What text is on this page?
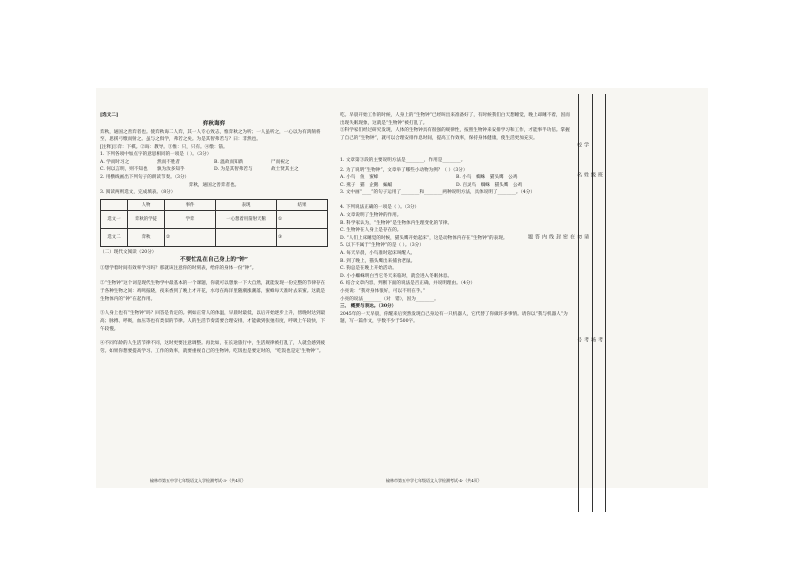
[选文二]
弈秋诲弈
弈秋，通国之善弈者也。使弈秋诲二人弈，其一人专心致志，惟弈秋之为听；一人虽听之，一心以为有鸿鹄将至，思援弓缴而射之。虽与之俱学，弗若之矣。为是其智弗若与？曰：非然也。
[注释]①弈：下棋。②诲：教导。③惟：只，只有。④缴：箭。
1. 下列各项中加点字的意思相同的一项是（ ）。（3分）
A. 学而时习之	然而不胜者	B. 温故而知新	尸而祝之
C. 何以言明，则不知也	孰为汝多知乎	D. 为是其智弗若与	故士贤其主之
2. 用横线画出下列句子的朗读节奏。（3分）
弈秋，通国之善弈者也。
3. 阅读两则选文，完成填表。（8分）
	人物	事件	表现	结果
选文一	弈秋的学徒	学弈	一心想着用箭射天鹅	①
选文二	弈秋	②		③
（二）现代文阅读（20分）
不要忙乱在自己身上的“钟”
①想学着时间有效率学习吗？那就该注意你的时刻表，给你的身体一份“钟”。
②“生物钟”这个词是现代生物学中最基本的一个课题，你就可以想象一下大自然，就能发现一份完整的节律存在于各种生物之间：鸡鸣报晓，夜来香到了晚上才开花，水母在海洋里随潮涨潮落，蜜蜂每天准时去采蜜。这就是生物体内的“钟”在起作用。
③人身上也有“生物钟”吗？回答是肯定的。例如正常人的体温，早晨时最低，以后开始逐步上升，傍晚时达到最高；脉搏、呼吸，血压等也有类似的节律。人的生活节奏需要合理安排，才能做到张弛有度，呼吸上午较快，下午较慢。
④不同年龄的人生活节律不同，这时更要注意调整。再比如，在长途旅行中，生活规律被打乱了，人就会感到疲劳。如果你想要提高学习、工作的效率，就要重视自己的生物钟。吃饭也是要定时的，“吃饭也是定‘生物钟’”。
榆林市第五中学七年级语文入学检测考试-3-（共4页）
吃。早晨开始工作的时候，人身上的“生物钟”已经叫出来准备好了，有时候我们白天想睡觉，晚上却睡不着，因而出现失眠现象，这就是“生物钟”被打乱了。
⑤科学家们经过研究发现，人体的生物钟具有很强的规律性，按照生物钟来安排学习和工作，才能事半功倍。掌握了自己的“生物钟”，就可以合理安排作息时间，提高工作效率，保持身体健康，使生活更加充实。
1. 文章第③段的主要说明方法是________，作用是________。
2. 为了说明“生物钟”，文章举了哪些小动物为例？（ ）（3分）
A. 小鸟　鱼　蜜蜂	B. 小鸟　蜘蛛　猫头鹰　公鸡
C. 燕子　猫　企鹅　蝙蝠	D. 百灵鸟　蜘蛛　猫头鹰　公鸡
3. 文中画“____”的句子运用了________和________两种说明方法，具体说明了________。（4分）
4. 下列说法正确的一项是（ ）。（3分）
A. 文章说明了生物钟的作用。
B. 科学家认为，“生物钟”是生物体内生理变化的节律。
C. 生物钟在人身上是存在的。
D. “人们上床睡觉的时候，猫头鹰开始起床”，这是动物体内存在“生物钟”的表现。
5. 以下不属于“生物钟”的是（ ）。（3分）
A. 每天早晨，小鸟准时起床叫醒人。
B. 到了晚上，猫头鹰出来捕食老鼠。
C. 狗总是在晚上开始活动。
D. 小小蜘蛛明白当它冬天来临时，就会进入冬眠休息。
6. 结合文章内容，判断下面的说法是否正确，并说明理由。（4分）
小亮说：“我对身体很好，可以不用在乎。”
小亮的说法________（对　错），因为________。
三、 概要与表达。（30分）
2045年的一天早晨，你醒来后突然发现自己身边有一只机器人，它代替了你做许多事情。请你以“我与机器人”为题，写一篇作文，字数不少于500字。
榆林市第五中学七年级语文入学检测考试-4-（共4页）
学
校
班
级
姓
名
请
勿
在
密
封
线
内
答
题
考
场
考
号
